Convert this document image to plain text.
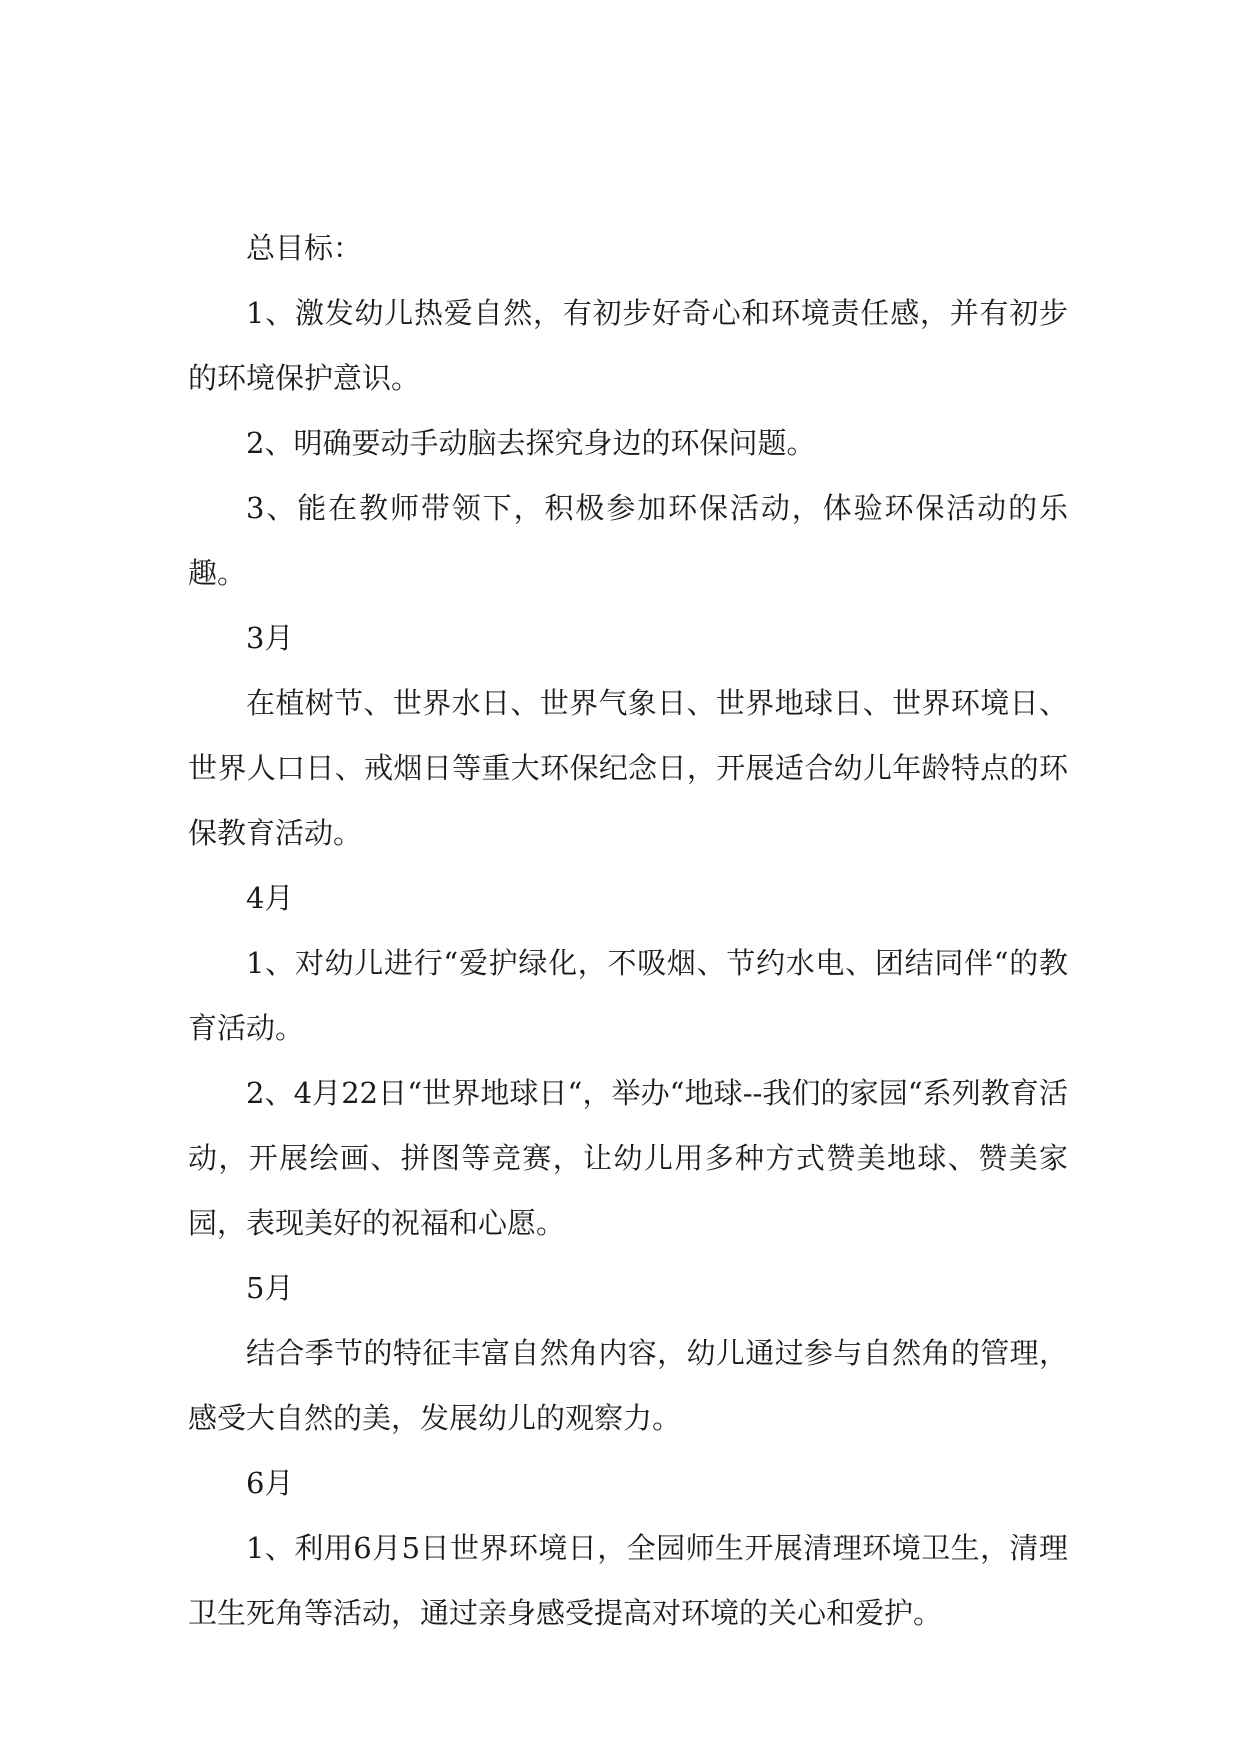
总目标：

1、激发幼儿热爱自然，有初步好奇心和环境责任感，并有初步的环境保护意识。

2、明确要动手动脑去探究身边的环保问题。

3、能在教师带领下，积极参加环保活动，体验环保活动的乐趣。

3月

在植树节、世界水日、世界气象日、世界地球日、世界环境日、世界人口日、戒烟日等重大环保纪念日，开展适合幼儿年龄特点的环保教育活动。

4月

1、对幼儿进行“爱护绿化，不吸烟、节约水电、团结同伴“的教育活动。

2、4月22日“世界地球日“，举办“地球--我们的家园“系列教育活动，开展绘画、拼图等竞赛，让幼儿用多种方式赞美地球、赞美家园，表现美好的祝福和心愿。

5月

结合季节的特征丰富自然角内容，幼儿通过参与自然角的管理，感受大自然的美，发展幼儿的观察力。

6月

1、利用6月5日世界环境日，全园师生开展清理环境卫生，清理卫生死角等活动，通过亲身感受提高对环境的关心和爱护。
